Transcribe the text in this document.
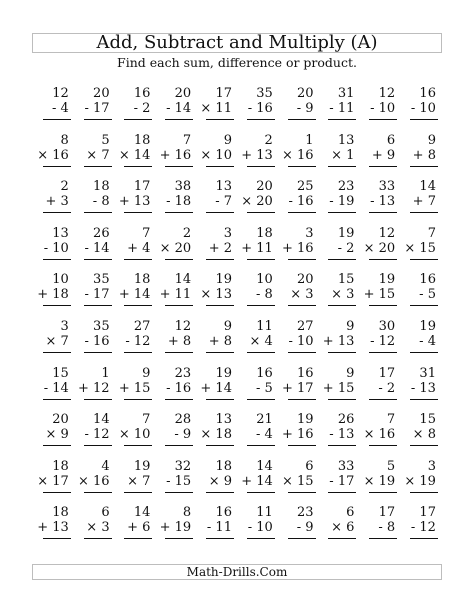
Add, Subtract and Multiply (A)
Find each sum, difference or product.
12
- 4
20
- 17
16
- 2
20
- 14
17
× 11
35
- 16
20
- 9
31
- 11
12
- 10
16
- 10
8
× 16
5
× 7
18
× 14
7
+ 16
9
× 10
2
+ 13
1
× 16
13
× 1
6
+ 9
9
+ 8
2
+ 3
18
- 8
17
+ 13
38
- 18
13
- 7
20
× 20
25
- 16
23
- 19
33
- 13
14
+ 7
13
- 10
26
- 14
7
+ 4
2
× 20
3
+ 2
18
+ 11
3
+ 16
19
- 2
12
× 20
7
× 15
10
+ 18
35
- 17
18
+ 14
14
+ 11
19
× 13
10
- 8
20
× 3
15
× 3
19
+ 15
16
- 5
3
× 7
35
- 16
27
- 12
12
+ 8
9
+ 8
11
× 4
27
- 10
9
+ 13
30
- 12
19
- 4
15
- 14
1
+ 12
9
+ 15
23
- 16
19
+ 14
16
- 5
16
+ 17
9
+ 15
17
- 2
31
- 13
20
× 9
14
- 12
7
× 10
28
- 9
13
× 18
21
- 4
19
+ 16
26
- 13
7
× 16
15
× 8
18
× 17
4
× 16
19
× 7
32
- 15
18
× 9
14
+ 14
6
× 15
33
- 17
5
× 19
3
× 19
18
+ 13
6
× 3
14
+ 6
8
+ 19
16
- 11
11
- 10
23
- 9
6
× 6
17
- 8
17
- 12
Math-Drills.Com
